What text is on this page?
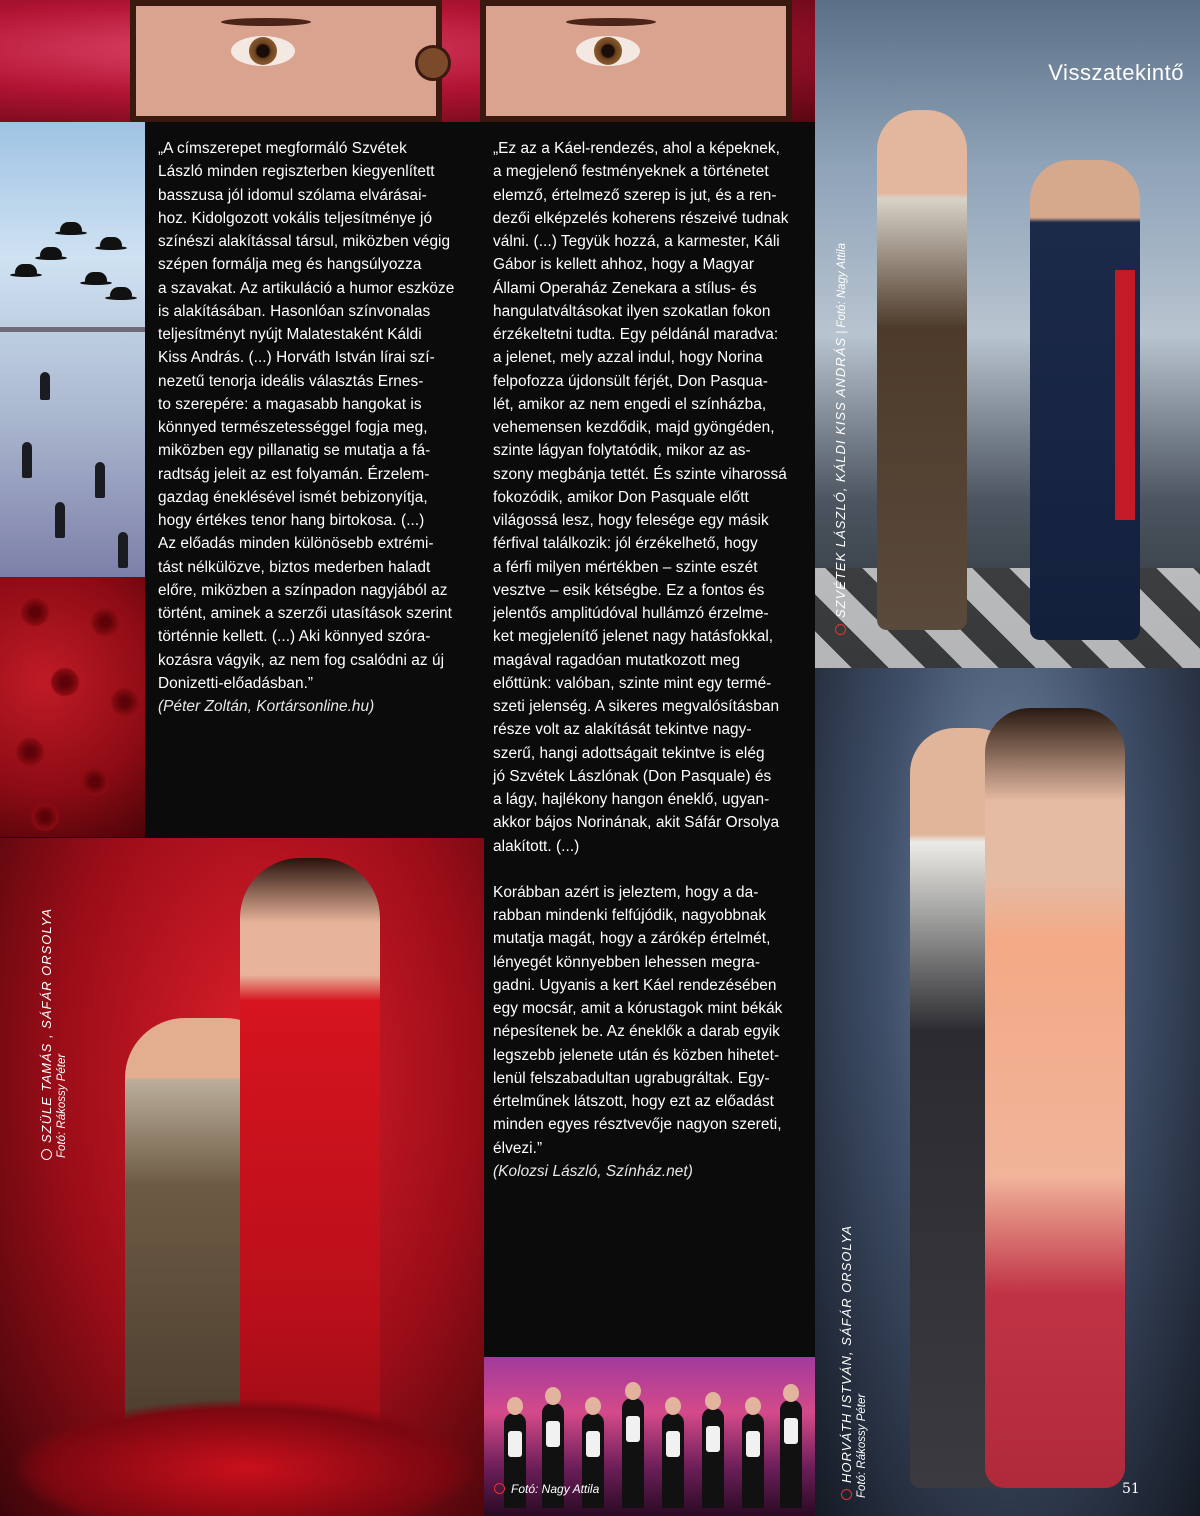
Visszatekintő

„A címszerepet megformáló Szvétek
László minden regiszterben kiegyenlített
basszusa jól idomul szólama elvárásai-
hoz. Kidolgozott vokális teljesítménye jó
színészi alakítással társul, miközben végig
szépen formálja meg és hangsúlyozza
a szavakat. Az artikuláció a humor eszköze
is alakításában. Hasonlóan színvonalas
teljesítményt nyújt Malatestaként Káldi
Kiss András. (...) Horváth István lírai szí-
nezetű tenorja ideális választás Ernes-
to szerepére: a magasabb hangokat is
könnyed természetességgel fogja meg,
miközben egy pillanatig se mutatja a fá-
radtság jeleit az est folyamán. Érzelem-
gazdag éneklésével ismét bebizonyítja,
hogy értékes tenor hang birtokosa. (...)
Az előadás minden különösebb extrémi-
tást nélkülözve, biztos mederben haladt
előre, miközben a színpadon nagyjából az
történt, aminek a szerzői utasítások szerint
történnie kellett. (...) Aki könnyed szóra-
kozásra vágyik, az nem fog csalódni az új
Donizetti-előadásban.”

(Péter Zoltán, Kortársonline.hu)

„Ez az a Káel-rendezés, ahol a képeknek,
a megjelenő festményeknek a történetet
elemző, értelmező szerep is jut, és a ren-
dezői elképzelés koherens részeivé tudnak
válni. (...) Tegyük hozzá, a karmester, Káli
Gábor is kellett ahhoz, hogy a Magyar
Állami Operaház Zenekara a stílus- és
hangulatváltásokat ilyen szokatlan fokon
érzékeltetni tudta. Egy példánál maradva:
a jelenet, mely azzal indul, hogy Norina
felpofozza újdonsült férjét, Don Pasqua-
lét, amikor az nem engedi el színházba,
vehemensen kezdődik, majd gyöngéden,
szinte lágyan folytatódik, mikor az as-
szony megbánja tettét. És szinte viharossá
fokozódik, amikor Don Pasquale előtt
világossá lesz, hogy felesége egy másik
férfival találkozik: jól érzékelhető, hogy
a férfi milyen mértékben – szinte eszét
vesztve – esik kétségbe. Ez a fontos és
jelentős amplitúdóval hullámzó érzelme-
ket megjelenítő jelenet nagy hatásfokkal,
magával ragadóan mutatkozott meg
előttünk: valóban, szinte mint egy termé-
szeti jelenség. A sikeres megvalósításban
része volt az alakítását tekintve nagy-
szerű, hangi adottságait tekintve is elég
jó Szvétek Lászlónak (Don Pasquale) és
a lágy, hajlékony hangon éneklő, ugyan-
akkor bájos Norinának, akit Sáfár Orsolya
alakított. (...)

Korábban azért is jeleztem, hogy a da-
rabban mindenki felfújódik, nagyobbnak
mutatja magát, hogy a zárókép értelmét,
lényegét könnyebben lehessen megra-
gadni. Ugyanis a kert Káel rendezésében
egy mocsár, amit a kórustagok mint békák
népesítenek be. Az éneklők a darab egyik
legszebb jelenete után és közben hihetet-
lenül felszabadultan ugrabugráltak. Egy-
értelműnek látszott, hogy ezt az előadást
minden egyes résztvevője nagyon szereti,
élvezi.”

(Kolozsi László, Színház.net)

SZVÉTEK LÁSZLÓ, KÁLDI KISS ANDRÁS | Fotó: Nagy Attila
SZÜLE TAMÁS , SÁFÁR ORSOLYA Fotó: Rákossy Péter
HORVÁTH ISTVÁN, SÁFÁR ORSOLYA Fotó: Rákossy Péter
Fotó: Nagy Attila	51
